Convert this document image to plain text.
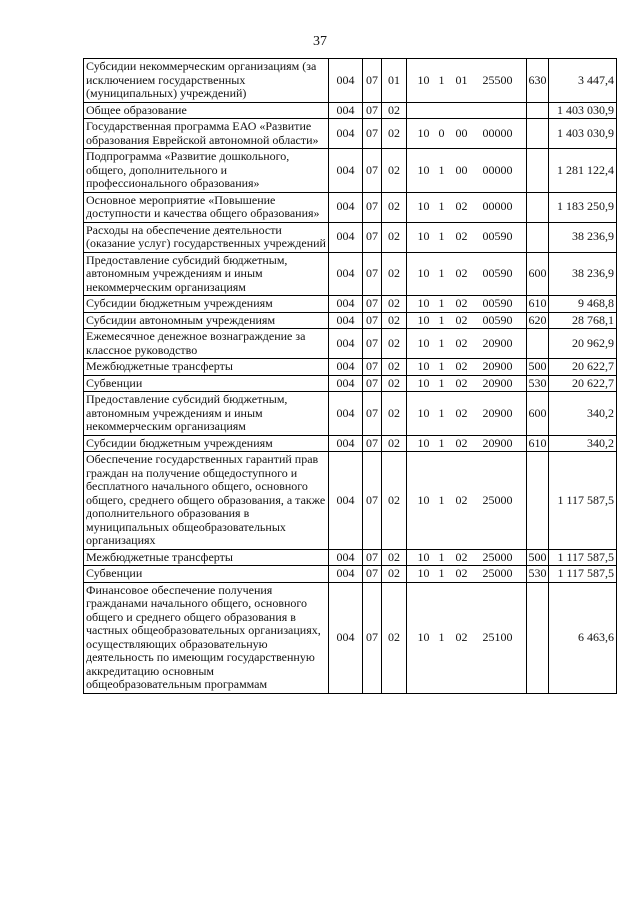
37
Субсидии некоммерческим организациям (за исключением государственных (муниципальных) учреждений)	004	07	01	10 1 01 25500	630	3 447,4
Общее образование	004	07	02			1 403 030,9
Государственная программа ЕАО «Развитие образования Еврейской автономной области»	004	07	02	10 0 00 00000		1 403 030,9
Подпрограмма «Развитие дошкольного, общего, дополнительного и профессионального образования»	004	07	02	10 1 00 00000		1 281 122,4
Основное мероприятие «Повышение доступности и качества общего образования»	004	07	02	10 1 02 00000		1 183 250,9
Расходы на обеспечение деятельности (оказание услуг) государственных учреждений	004	07	02	10 1 02 00590		38 236,9
Предоставление субсидий бюджетным, автономным учреждениям и иным некоммерческим организациям	004	07	02	10 1 02 00590	600	38 236,9
Субсидии бюджетным учреждениям	004	07	02	10 1 02 00590	610	9 468,8
Субсидии автономным учреждениям	004	07	02	10 1 02 00590	620	28 768,1
Ежемесячное денежное вознаграждение за классное руководство	004	07	02	10 1 02 20900		20 962,9
Межбюджетные трансферты	004	07	02	10 1 02 20900	500	20 622,7
Субвенции	004	07	02	10 1 02 20900	530	20 622,7
Предоставление субсидий бюджетным, автономным учреждениям и иным некоммерческим организациям	004	07	02	10 1 02 20900	600	340,2
Субсидии бюджетным учреждениям	004	07	02	10 1 02 20900	610	340,2
Обеспечение государственных гарантий прав граждан на получение общедоступного и бесплатного начального общего, основного общего, среднего общего образования, а также дополнительного образования в муниципальных общеобразовательных организациях	004	07	02	10 1 02 25000		1 117 587,5
Межбюджетные трансферты	004	07	02	10 1 02 25000	500	1 117 587,5
Субвенции	004	07	02	10 1 02 25000	530	1 117 587,5
Финансовое обеспечение получения гражданами начального общего, основного общего и среднего общего образования в частных общеобразовательных организациях, осуществляющих образовательную деятельность по имеющим государственную аккредитацию основным общеобразовательным программам	004	07	02	10 1 02 25100		6 463,6
